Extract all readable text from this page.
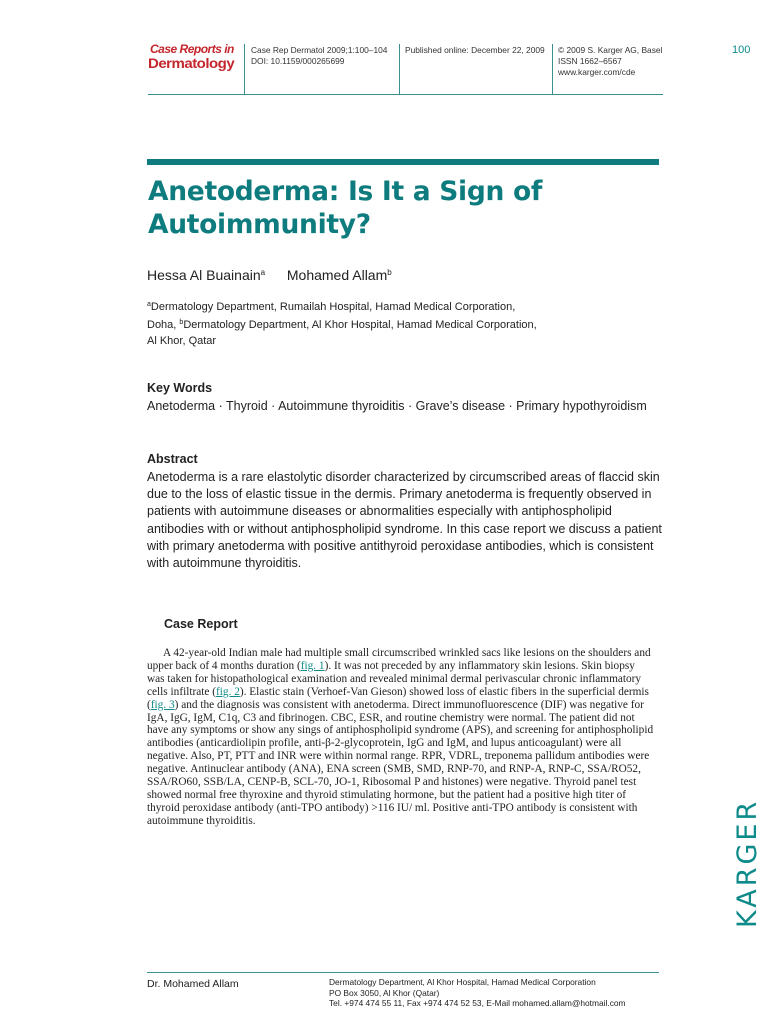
Case Reports in
Dermatology
Case Rep Dermatol 2009;1:100–104
DOI: 10.1159/000265699
Published online: December 22, 2009 © 2009 S. Karger AG, Basel
ISSN 1662–6567
www.karger.com/cde
100
Anetoderma: Is It a Sign of
Autoimmunity?
Hessa Al Buainain$^a$ Mohamed Allam$^b$
$^a$Dermatology Department, Rumailah Hospital, Hamad Medical Corporation,
Doha, $^b$Dermatology Department, Al Khor Hospital, Hamad Medical Corporation,
Al Khor, Qatar
Key Words
Anetoderma · Thyroid · Autoimmune thyroiditis · Grave’s disease · Primary hypothyroidism
Abstract
Anetoderma is a rare elastolytic disorder characterized by circumscribed areas of flaccid skin due to the loss of elastic tissue in the dermis. Primary anetoderma is frequently observed in patients with autoimmune diseases or abnormalities especially with antiphospholipid antibodies with or without antiphospholipid syndrome. In this case report we discuss a patient with primary anetoderma with positive antithyroid peroxidase antibodies, which is consistent with autoimmune thyroiditis.
Case Report

A 42-year-old Indian male had multiple small circumscribed wrinkled sacs like lesions on the shoulders and upper back of 4 months duration (fig. 1). It was not preceded by any inflammatory skin lesions. Skin biopsy was taken for histopathological examination and revealed minimal dermal perivascular chronic inflammatory cells infiltrate (fig. 2). Elastic stain (Verhoef-Van Gieson) showed loss of elastic fibers in the superficial dermis (fig. 3) and the diagnosis was consistent with anetoderma. Direct immunofluorescence (DIF) was negative for IgA, IgG, IgM, C1q, C3 and fibrinogen. CBC, ESR, and routine chemistry were normal. The patient did not have any symptoms or show any sings of antiphospholipid syndrome (APS), and screening for antiphospholipid antibodies (anticardiolipin profile, anti-β-2-glycoprotein, IgG and IgM, and lupus anticoagulant) were all negative. Also, PT, PTT and INR were within normal range. RPR, VDRL, treponema pallidum antibodies were negative. Antinuclear antibody (ANA), ENA screen (SMB, SMD, RNP-70, and RNP-A, RNP-C, SSA/RO52, SSA/RO60, SSB/LA, CENP-B, SCL-70, JO-1, Ribosomal P and histones) were negative. Thyroid panel test showed normal free thyroxine and thyroid stimulating hormone, but the patient had a positive high titer of thyroid peroxidase antibody (anti-TPO antibody) >116 IU/ ml. Positive anti-TPO antibody is consistent with autoimmune thyroiditis.	KARGER
Dr. Mohamed Allam	Dermatology Department, Al Khor Hospital, Hamad Medical Corporation
PO Box 3050, Al Khor (Qatar)
Tel. +974 474 55 11, Fax +974 474 52 53, E-Mail mohamed.allam@hotmail.com
